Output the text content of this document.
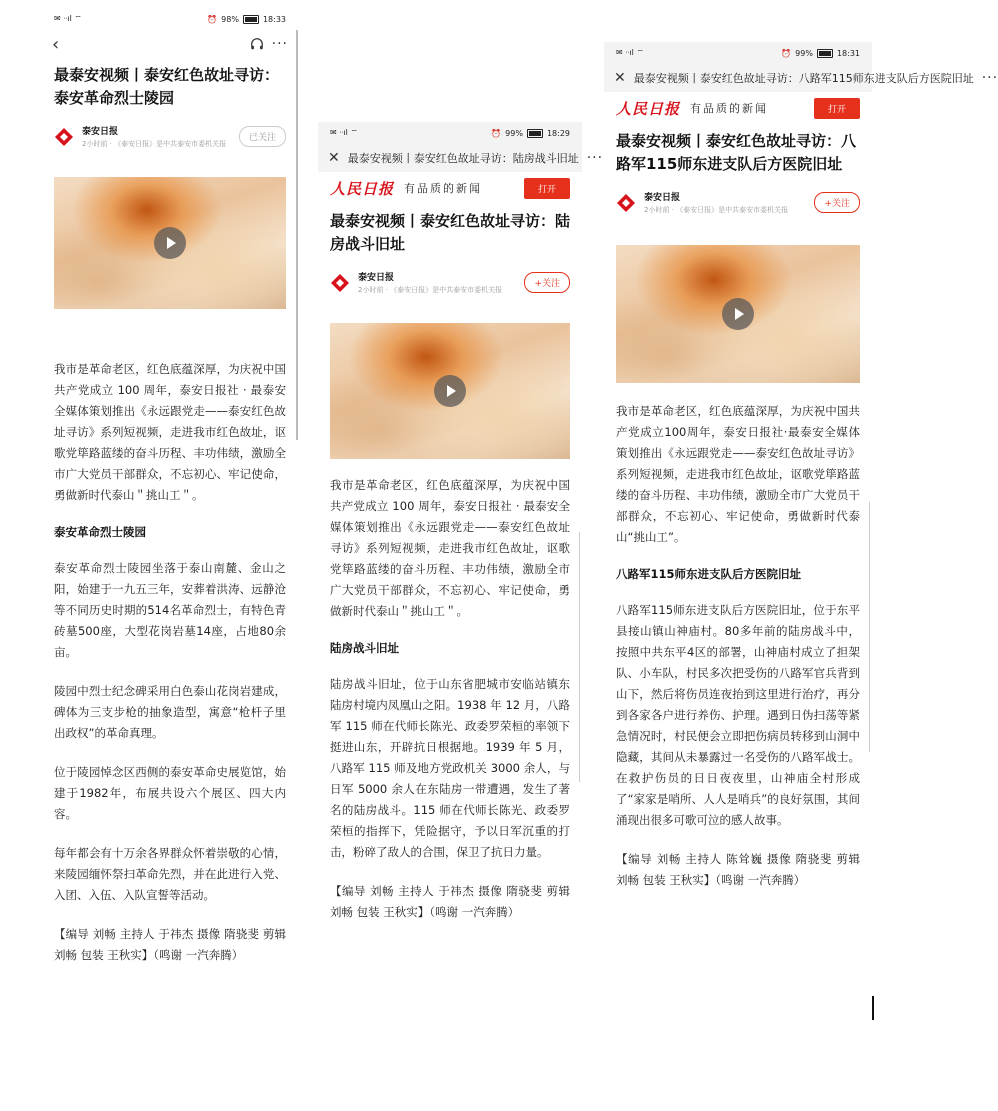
✉ ᐧᐧıl ⌔	⏰ 98%	18:33
‹	···
最泰安视频丨泰安红色故址寻访：泰安革命烈士陵园
泰安日报
2小时前 · 《泰安日报》是中共泰安市委机关报
已关注

我市是革命老区，红色底蕴深厚，为庆祝中国共产党成立 100 周年，泰安日报社 · 最泰安全媒体策划推出《永远跟党走——泰安红色故址寻访》系列短视频，走进我市红色故址，讴歌党筚路蓝缕的奋斗历程、丰功伟绩，激励全市广大党员干部群众，不忘初心、牢记使命，勇做新时代泰山＂挑山工＂。

泰安革命烈士陵园

泰安革命烈士陵园坐落于泰山南麓、金山之阳，始建于一九五三年，安葬着洪涛、远静沧等不同历史时期的514名革命烈士，有特色青砖墓500座，大型花岗岩墓14座，占地80余亩。

陵园中烈士纪念碑采用白色泰山花岗岩建成，碑体为三支步枪的抽象造型，寓意“枪杆子里出政权”的革命真理。

位于陵园悼念区西侧的泰安革命史展览馆，始建于1982年，布展共设六个展区、四大内容。

每年都会有十万余各界群众怀着崇敬的心情，来陵园缅怀祭扫革命先烈，并在此进行入党、入团、入伍、入队宣誓等活动。

【编导 刘畅 主持人 于祎杰 摄像 隋骁斐 剪辑 刘畅 包装 王秋实】（鸣谢 一汽奔腾）

✉ ᐧᐧıl ⌔	⏰ 99%	18:29
✕ 最泰安视频丨泰安红色故址寻访：陆房战斗旧址 ···
人民日报 有品质的新闻	打开
最泰安视频丨泰安红色故址寻访：陆房战斗旧址
泰安日报
2小时前 · 《泰安日报》是中共泰安市委机关报
+关注

我市是革命老区，红色底蕴深厚，为庆祝中国共产党成立 100 周年，泰安日报社 · 最泰安全媒体策划推出《永远跟党走——泰安红色故址寻访》系列短视频，走进我市红色故址，讴歌党筚路蓝缕的奋斗历程、丰功伟绩，激励全市广大党员干部群众，不忘初心、牢记使命，勇做新时代泰山＂挑山工＂。

陆房战斗旧址

陆房战斗旧址，位于山东省肥城市安临站镇东陆房村境内凤凰山之阳。1938 年 12 月，八路军 115 师在代师长陈光、政委罗荣桓的率领下挺进山东，开辟抗日根据地。1939 年 5 月，八路军 115 师及地方党政机关 3000 余人，与日军 5000 余人在东陆房一带遭遇，发生了著名的陆房战斗。115 师在代师长陈光、政委罗荣桓的指挥下，凭险据守，予以日军沉重的打击，粉碎了敌人的合围，保卫了抗日力量。

【编导 刘畅 主持人 于祎杰 摄像 隋骁斐 剪辑 刘畅 包装 王秋实】（鸣谢 一汽奔腾）

✉ ᐧᐧıl ⌔	⏰ 99%	18:31
✕ 最泰安视频丨泰安红色故址寻访：八路军115师东进支队后方医院旧址 ···
人民日报 有品质的新闻	打开
最泰安视频丨泰安红色故址寻访：八路军115师东进支队后方医院旧址
泰安日报
2小时前 · 《泰安日报》是中共泰安市委机关报
+关注

我市是革命老区，红色底蕴深厚，为庆祝中国共产党成立100周年，泰安日报社·最泰安全媒体策划推出《永远跟党走——泰安红色故址寻访》系列短视频，走进我市红色故址，讴歌党筚路蓝缕的奋斗历程、丰功伟绩，激励全市广大党员干部群众，不忘初心、牢记使命，勇做新时代泰山“挑山工”。

八路军115师东进支队后方医院旧址

八路军115师东进支队后方医院旧址，位于东平县接山镇山神庙村。80多年前的陆房战斗中，按照中共东平4区的部署，山神庙村成立了担架队、小车队，村民多次把受伤的八路军官兵背到山下，然后将伤员连夜抬到这里进行治疗，再分到各家各户进行养伤、护理。遇到日伪扫荡等紧急情况时，村民便会立即把伤病员转移到山洞中隐藏，其间从未暴露过一名受伤的八路军战士。在救护伤员的日日夜夜里，山神庙全村形成了“家家是哨所、人人是哨兵”的良好氛围，其间涌现出很多可歌可泣的感人故事。

【编导 刘畅 主持人 陈耸巍 摄像 隋骁斐 剪辑 刘畅 包装 王秋实】（鸣谢 一汽奔腾）
